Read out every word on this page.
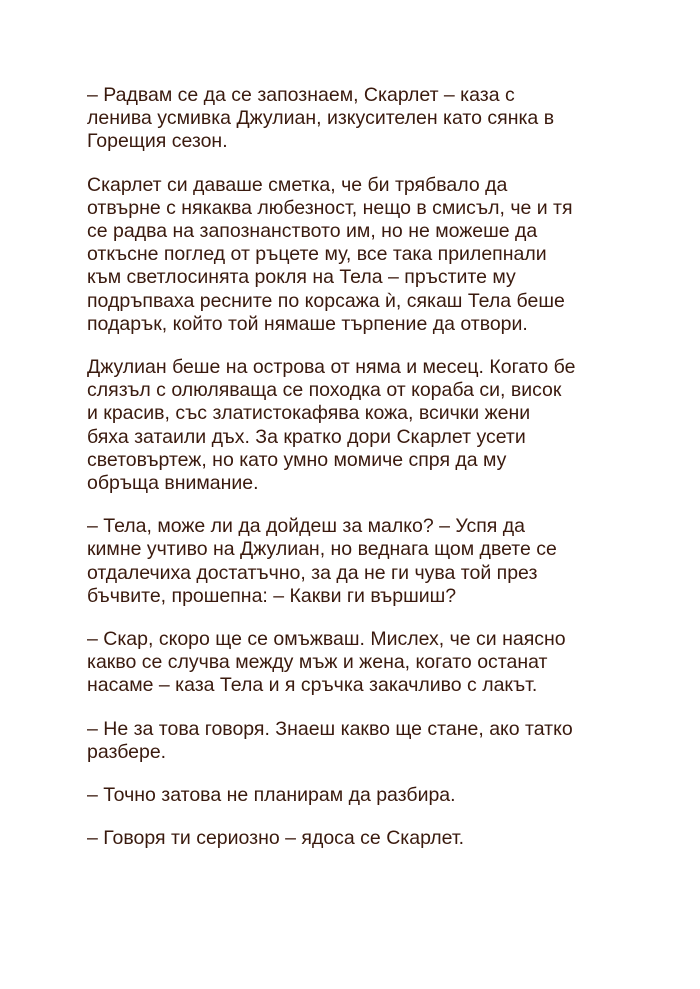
– Радвам се да се запознаем, Скарлет – каза с
ленива усмивка Джулиан, изкусителен като сянка в
Горещия сезон.

Скарлет си даваше сметка, че би трябвало да
отвърне с някаква любезност, нещо в смисъл, че и тя
се радва на запознанството им, но не можеше да
откъсне поглед от ръцете му, все така прилепнали
към светлосинята рокля на Тела – пръстите му
подръпваха ресните по корсажа ѝ, сякаш Тела беше
подарък, който той нямаше търпение да отвори.

Джулиан беше на острова от няма и месец. Когато бе
слязъл с олюляваща се походка от кораба си, висок
и красив, със златистокафява кожа, всички жени
бяха затаили дъх. За кратко дори Скарлет усети
световъртеж, но като умно момиче спря да му
обръща внимание.

– Тела, може ли да дойдеш за малко? – Успя да
кимне учтиво на Джулиан, но веднага щом двете се
отдалечиха достатъчно, за да не ги чува той през
бъчвите, прошепна: – Какви ги вършиш?

– Скар, скоро ще се омъжваш. Мислех, че си наясно
какво се случва между мъж и жена, когато останат
насаме – каза Тела и я сръчка закачливо с лакът.

– Не за това говоря. Знаеш какво ще стане, ако татко
разбере.

– Точно затова не планирам да разбира.

– Говоря ти сериозно – ядоса се Скарлет.
